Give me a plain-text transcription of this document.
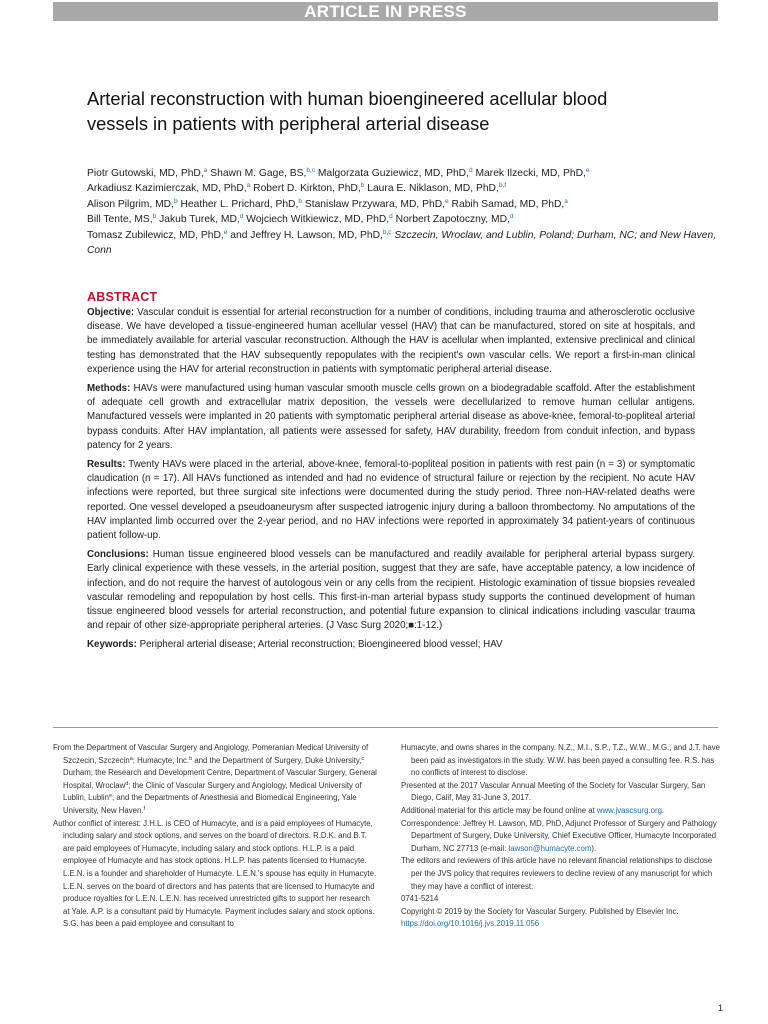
ARTICLE IN PRESS
Arterial reconstruction with human bioengineered acellular blood vessels in patients with peripheral arterial disease
Piotr Gutowski, MD, PhD,$^a$ Shawn M. Gage, BS,$^{b,c}$ Malgorzata Guziewicz, MD, PhD,$^d$ Marek Ilzecki, MD, PhD,$^e$
Arkadiusz Kazimierczak, MD, PhD,$^a$ Robert D. Kirkton, PhD,$^b$ Laura E. Niklason, MD, PhD,$^{b,f}$
Alison Pilgrim, MD,$^b$ Heather L. Prichard, PhD,$^b$ Stanislaw Przywara, MD, PhD,$^e$ Rabih Samad, MD, PhD,$^a$
Bill Tente, MS,$^b$ Jakub Turek, MD,$^d$ Wojciech Witkiewicz, MD, PhD,$^d$ Norbert Zapotoczny, MD,$^d$
Tomasz Zubilewicz, MD, PhD,$^e$ and Jeffrey H. Lawson, MD, PhD,$^{b,c}$ Szczecin, Wroclaw, and Lublin, Poland; Durham, NC; and New Haven, Conn
ABSTRACT

Objective: Vascular conduit is essential for arterial reconstruction for a number of conditions, including trauma and atherosclerotic occlusive disease. We have developed a tissue-engineered human acellular vessel (HAV) that can be manufactured, stored on site at hospitals, and be immediately available for arterial vascular reconstruction. Although the HAV is acellular when implanted, extensive preclinical and clinical testing has demonstrated that the HAV subsequently repopulates with the recipient's own vascular cells. We report a first-in-man clinical experience using the HAV for arterial reconstruction in patients with symptomatic peripheral arterial disease.

Methods: HAVs were manufactured using human vascular smooth muscle cells grown on a biodegradable scaffold. After the establishment of adequate cell growth and extracellular matrix deposition, the vessels were decellularized to remove human cellular antigens. Manufactured vessels were implanted in 20 patients with symptomatic peripheral arterial disease as above-knee, femoral-to-popliteal arterial bypass conduits. After HAV implantation, all patients were assessed for safety, HAV durability, freedom from conduit infection, and bypass patency for 2 years.

Results: Twenty HAVs were placed in the arterial, above-knee, femoral-to-popliteal position in patients with rest pain (n = 3) or symptomatic claudication (n = 17). All HAVs functioned as intended and had no evidence of structural failure or rejection by the recipient. No acute HAV infections were reported, but three surgical site infections were documented during the study period. Three non-HAV-related deaths were reported. One vessel developed a pseudoaneurysm after suspected iatrogenic injury during a balloon thrombectomy. No amputations of the HAV implanted limb occurred over the 2-year period, and no HAV infections were reported in approximately 34 patient-years of continuous patient follow-up.

Conclusions: Human tissue engineered blood vessels can be manufactured and readily available for peripheral arterial bypass surgery. Early clinical experience with these vessels, in the arterial position, suggest that they are safe, have acceptable patency, a low incidence of infection, and do not require the harvest of autologous vein or any cells from the recipient. Histologic examination of tissue biopsies revealed vascular remodeling and repopulation by host cells. This first-in-man arterial bypass study supports the continued development of human tissue engineered blood vessels for arterial reconstruction, and potential future expansion to clinical indications including vascular trauma and repair of other size-appropriate peripheral arteries. (J Vasc Surg 2020;■:1-12.)

Keywords: Peripheral arterial disease; Arterial reconstruction; Bioengineered blood vessel; HAV

From the Department of Vascular Surgery and Angiology, Pomeranian Medical University of Szczecin, Szczecin$^a$; Humacyte, Inc.$^b$ and the Department of Surgery, Duke University,$^c$ Durham; the Research and Development Centre, Department of Vascular Surgery, General Hospital, Wroclaw$^d$; the Clinic of Vascular Surgery and Angiology, Medical University of Lublin, Lublin$^e$; and the Departments of Anesthesia and Biomedical Engineering, Yale University, New Haven.$^f$

Author conflict of interest: J.H.L. is CEO of Humacyte, and is a paid employees of Humacyte, including salary and stock options, and serves on the board of directors. R.D.K. and B.T. are paid employees of Humacyte, including salary and stock options. H.L.P. is a paid employee of Humacyte and has stock options. H.L.P. has patents licensed to Humacyte. L.E.N. is a founder and shareholder of Humacyte. L.E.N.'s spouse has equity in Humacyte. L.E.N. serves on the board of directors and has patents that are licensed to Humacyte and produce royalties for L.E.N. L.E.N. has received unrestricted gifts to support her research at Yale. A.P. is a consultant paid by Humacyte. Payment includes salary and stock options. S.G. has been a paid employee and consultant to

Humacyte, and owns shares in the company. N.Z., M.I., S.P., T.Z., W.W., M.G., and J.T. have been paid as investigators in the study. W.W. has been payed a consulting fee. R.S. has no conflicts of interest to disclose.

Presented at the 2017 Vascular Annual Meeting of the Society for Vascular Surgery, San Diego, Calif, May 31-June 3, 2017.

Additional material for this article may be found online at www.jvascsurg.org.

Correspondence: Jeffrey H. Lawson, MD, PhD, Adjunct Professor of Surgery and Pathology Department of Surgery, Duke University, Chief Executive Officer, Humacyte Incorporated Durham, NC 27713 (e-mail: lawson@humacyte.com).

The editors and reviewers of this article have no relevant financial relationships to disclose per the JVS policy that requires reviewers to decline review of any manuscript for which they may have a conflict of interest.

0741-5214

Copyright © 2019 by the Society for Vascular Surgery. Published by Elsevier Inc.

https://doi.org/10.1016/j.jvs.2019.11.056

1
